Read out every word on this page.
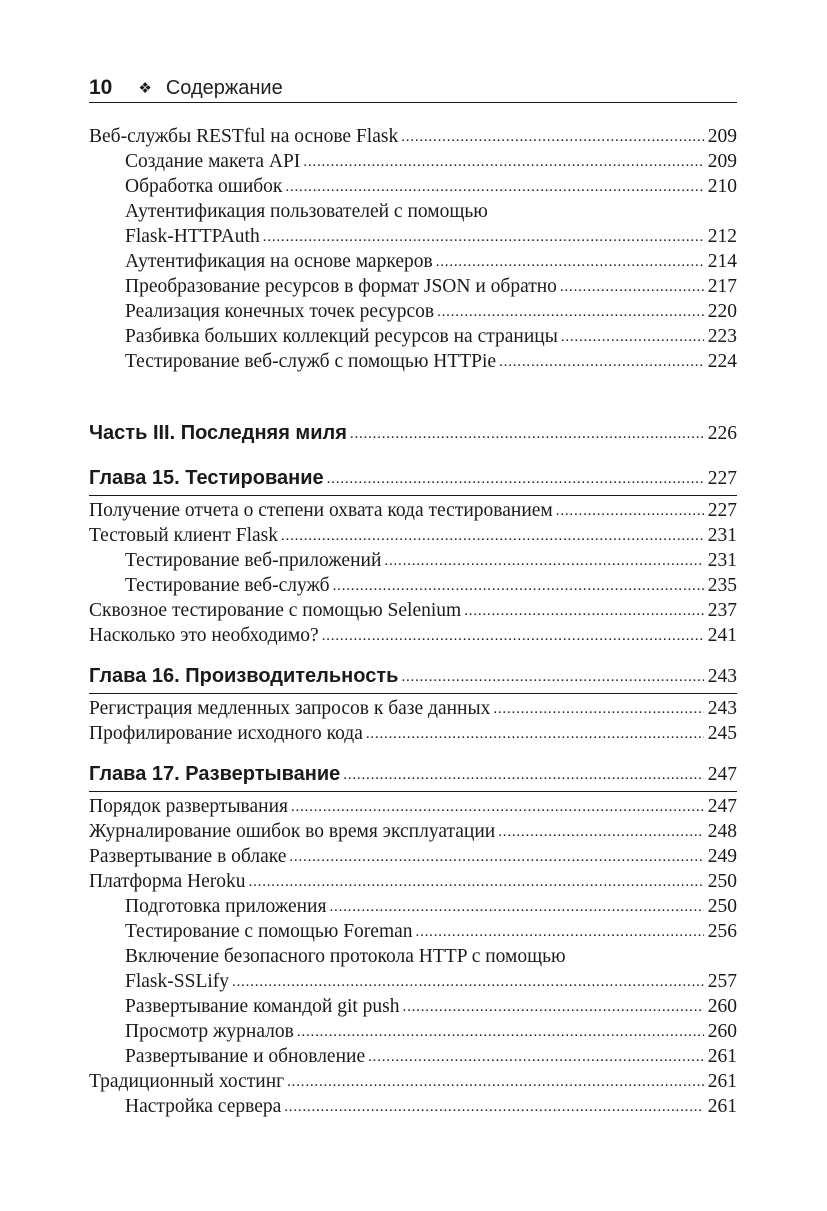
10 ❖ Содержание
Веб-службы RESTful на основе Flask .....	209
Создание макета API .....	209
Обработка ошибок .....	210
Аутентификация пользователей с помощью
Flask-HTTPAuth .....	212
Аутентификация на основе маркеров .....	214
Преобразование ресурсов в формат JSON и обратно .....	217
Реализация конечных точек ресурсов .....	220
Разбивка больших коллекций ресурсов на страницы .....	223
Тестирование веб-служб с помощью HTTPie .....	224
Часть III. Последняя миля .....	226
Глава 15. Тестирование .....	227
Получение отчета о степени охвата кода тестированием .....	227
Тестовый клиент Flask .....	231
Тестирование веб-приложений .....	231
Тестирование веб-служб .....	235
Сквозное тестирование с помощью Selenium .....	237
Насколько это необходимо? .....	241
Глава 16. Производительность .....	243
Регистрация медленных запросов к базе данных .....	243
Профилирование исходного кода .....	245
Глава 17. Развертывание .....	247
Порядок развертывания .....	247
Журналирование ошибок во время эксплуатации .....	248
Развертывание в облаке .....	249
Платформа Heroku .....	250
Подготовка приложения .....	250
Тестирование с помощью Foreman .....	256
Включение безопасного протокола HTTP с помощью
Flask-SSLify .....	257
Развертывание командой git push .....	260
Просмотр журналов .....	260
Развертывание и обновление .....	261
Традиционный хостинг .....	261
Настройка сервера .....	261
